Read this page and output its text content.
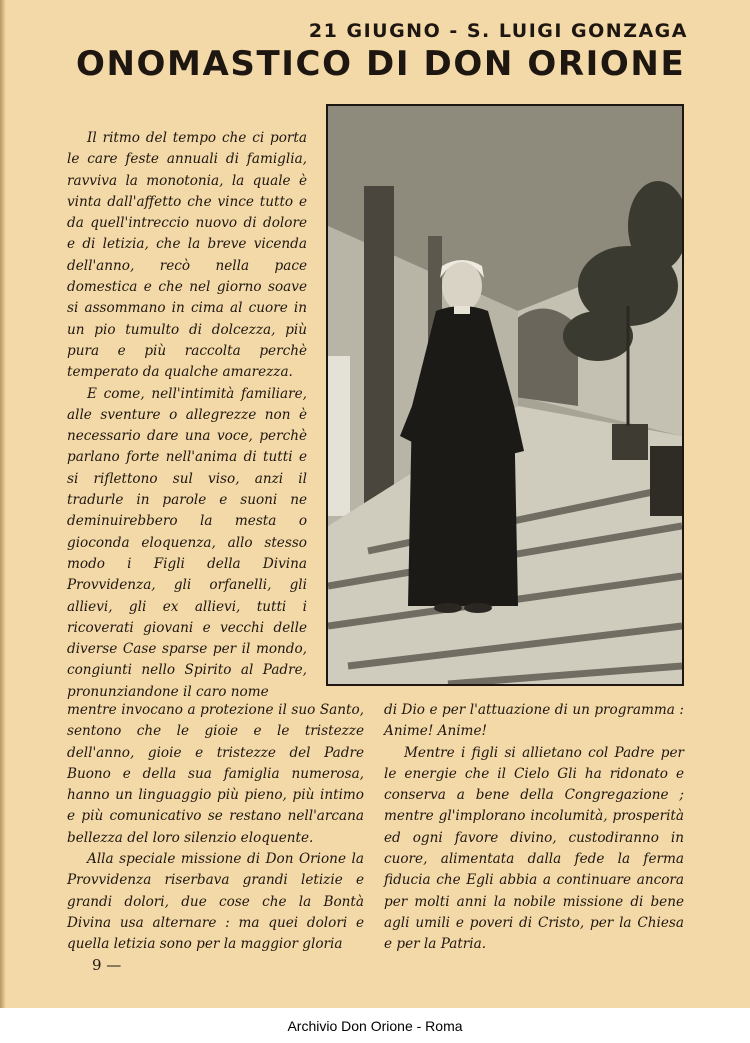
21 GIUGNO - S. LUIGI GONZAGA
ONOMASTICO DI DON ORIONE

Il ritmo del tempo che ci porta le care feste annuali di famiglia, ravviva la monotonia, la quale è vinta dall'affetto che vince tutto e da quell'intreccio nuovo di dolore e di letizia, che la breve vicenda dell'anno, recò nella pace domestica e che nel giorno soave si assommano in cima al cuore in un pio tumulto di dolcezza, più pura e più raccolta perchè temperato da qualche amarezza.

E come, nell'intimità familiare, alle sventure o allegrezze non è necessario dare una voce, perchè parlano forte nell'anima di tutti e si riflettono sul viso, anzi il tradurle in parole e suoni ne deminuirebbero la mesta o gioconda eloquenza, allo stesso modo i Figli della Divina Provvidenza, gli orfanelli, gli allievi, gli ex allievi, tutti i ricoverati giovani e vecchi delle diverse Case sparse per il mondo, congiunti nello Spirito al Padre, pronunziandone il caro nome

mentre invocano a protezione il suo Santo, sentono che le gioie e le tristezze dell'anno, gioie e tristezze del Padre Buono e della sua famiglia numerosa, hanno un linguaggio più pieno, più intimo e più comunicativo se restano nell'arcana bellezza del loro silenzio eloquente.

Alla speciale missione di Don Orione la Provvidenza riserbava grandi letizie e grandi dolori, due cose che la Bontà Divina usa alternare : ma quei dolori e quella letizia sono per la maggior gloria

di Dio e per l'attuazione di un programma : Anime! Anime!

Mentre i figli si allietano col Padre per le energie che il Cielo Gli ha ridonato e conserva a bene della Congregazione ; mentre gl'implorano incolumità, prosperità ed ogni favore divino, custodiranno in cuore, alimentata dalla fede la ferma fiducia che Egli abbia a continuare ancora per molti anni la nobile missione di bene agli umili e poveri di Cristo, per la Chiesa e per la Patria.

9 —
Archivio Don Orione - Roma
